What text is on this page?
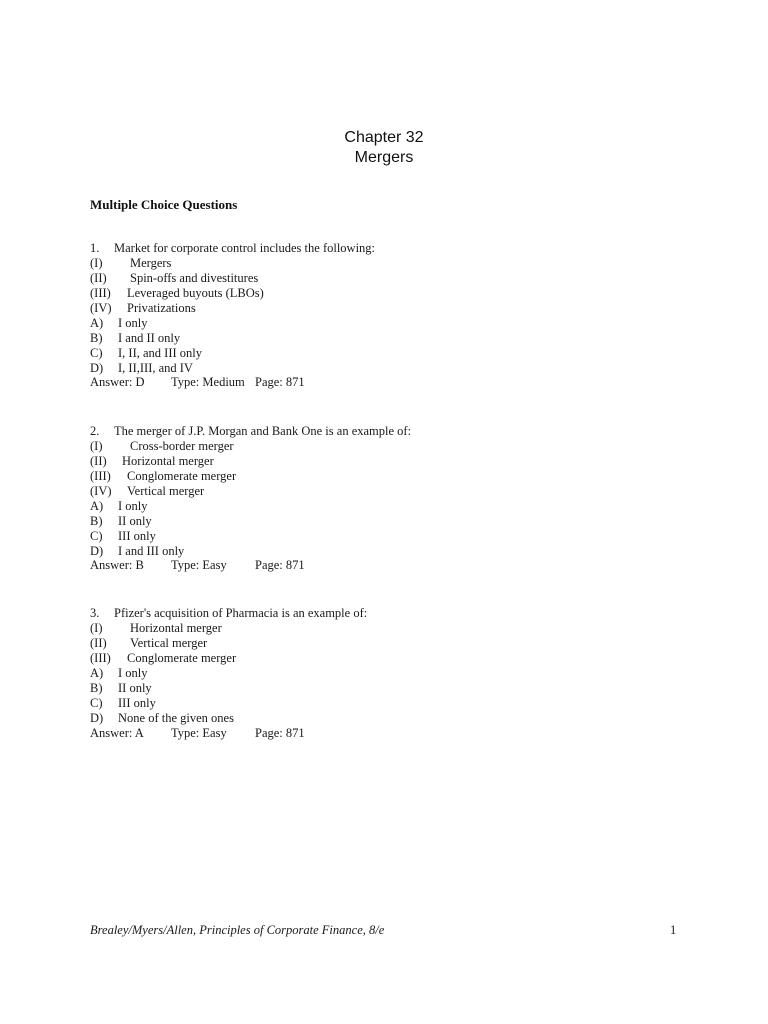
Chapter 32
Mergers
Multiple Choice Questions
1. Market for corporate control includes the following:
(I) Mergers
(II) Spin-offs and divestitures
(III) Leveraged buyouts (LBOs)
(IV) Privatizations
A) I only
B) I and II only
C) I, II, and III only
D) I, II,III, and IV
Answer: D Type: Medium Page: 871
2. The merger of J.P. Morgan and Bank One is an example of:
(I) Cross-border merger
(II) Horizontal merger
(III) Conglomerate merger
(IV) Vertical merger
A) I only
B) II only
C) III only
D) I and III only
Answer: B Type: Easy Page: 871
3. Pfizer's acquisition of Pharmacia is an example of:
(I) Horizontal merger
(II) Vertical merger
(III) Conglomerate merger
A) I only
B) II only
C) III only
D) None of the given ones
Answer: A Type: Easy Page: 871
Brealey/Myers/Allen, Principles of Corporate Finance, 8/e	1
